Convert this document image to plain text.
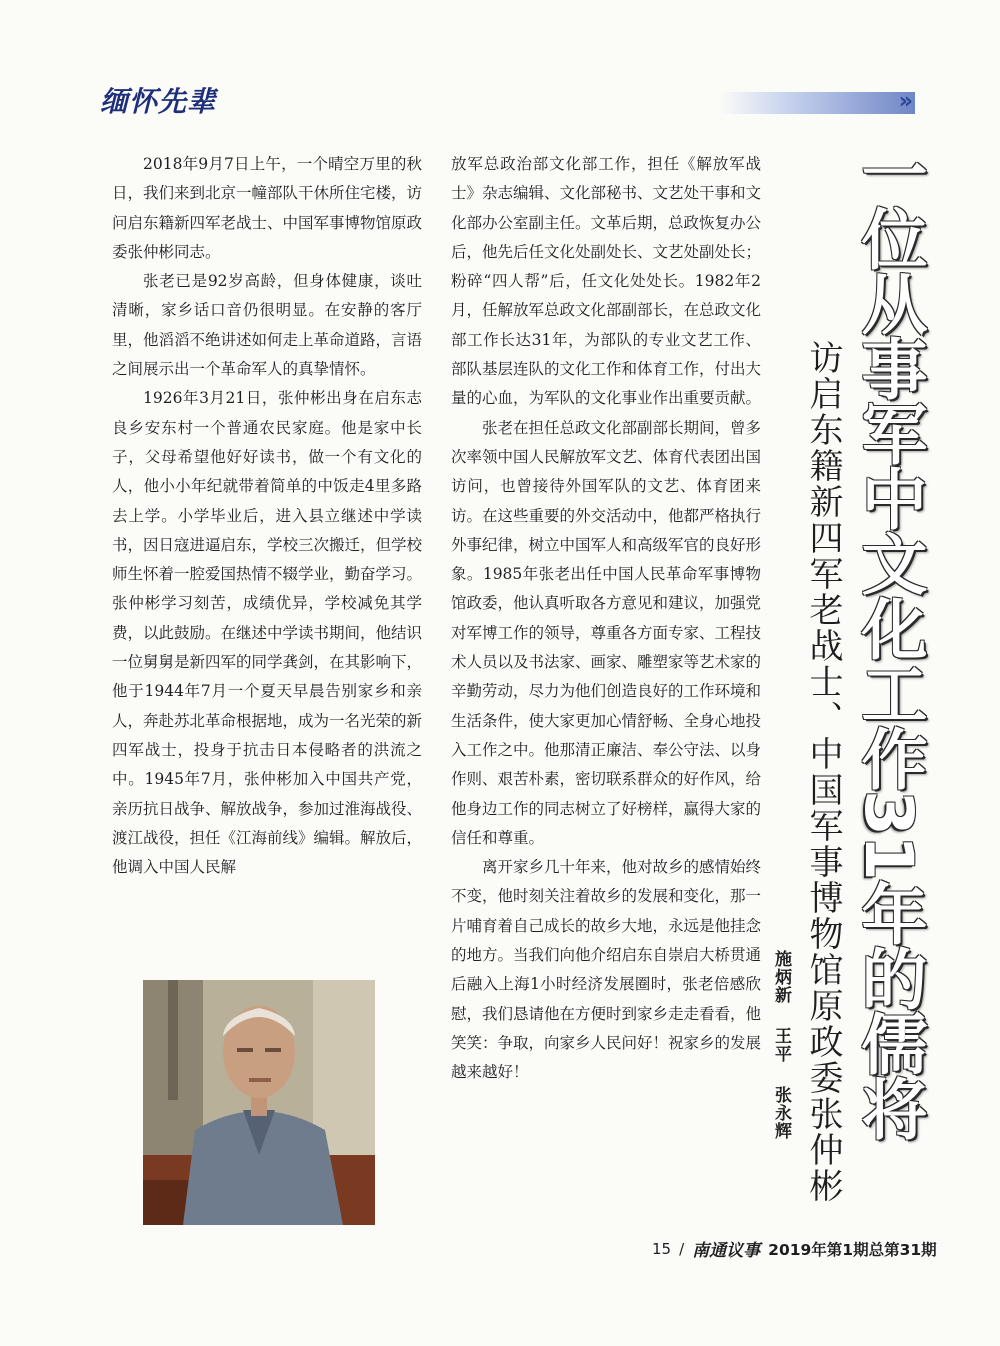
缅怀先辈	»

2018年9月7日上午，一个晴空万里的秋日，我们来到北京一幢部队干休所住宅楼，访问启东籍新四军老战士、中国军事博物馆原政委张仲彬同志。

张老已是92岁高龄，但身体健康，谈吐清晰，家乡话口音仍很明显。在安静的客厅里，他滔滔不绝讲述如何走上革命道路，言语之间展示出一个革命军人的真挚情怀。

1926年3月21日，张仲彬出身在启东志良乡安东村一个普通农民家庭。他是家中长子，父母希望他好好读书，做一个有文化的人，他小小年纪就带着简单的中饭走4里多路去上学。小学毕业后，进入县立继述中学读书，因日寇进逼启东，学校三次搬迁，但学校师生怀着一腔爱国热情不辍学业，勤奋学习。张仲彬学习刻苦，成绩优异，学校减免其学费，以此鼓励。在继述中学读书期间，他结识一位舅舅是新四军的同学龚剑，在其影响下，他于1944年7月一个夏天早晨告别家乡和亲人，奔赴苏北革命根据地，成为一名光荣的新四军战士，投身于抗击日本侵略者的洪流之中。1945年7月，张仲彬加入中国共产党，亲历抗日战争、解放战争，参加过淮海战役、渡江战役，担任《江海前线》编辑。解放后，他调入中国人民解

放军总政治部文化部工作，担任《解放军战士》杂志编辑、文化部秘书、文艺处干事和文化部办公室副主任。文革后期，总政恢复办公后，他先后任文化处副处长、文艺处副处长；粉碎“四人帮”后，任文化处处长。1982年2月，任解放军总政文化部副部长，在总政文化部工作长达31年，为部队的专业文艺工作、部队基层连队的文化工作和体育工作，付出大量的心血，为军队的文化事业作出重要贡献。

张老在担任总政文化部副部长期间，曾多次率领中国人民解放军文艺、体育代表团出国访问，也曾接待外国军队的文艺、体育团来访。在这些重要的外交活动中，他都严格执行外事纪律，树立中国军人和高级军官的良好形象。1985年张老出任中国人民革命军事博物馆政委，他认真听取各方意见和建议，加强党对军博工作的领导，尊重各方面专家、工程技术人员以及书法家、画家、雕塑家等艺术家的辛勤劳动，尽力为他们创造良好的工作环境和生活条件，使大家更加心情舒畅、全身心地投入工作之中。他那清正廉洁、奉公守法、以身作则、艰苦朴素，密切联系群众的好作风，给他身边工作的同志树立了好榜样，赢得大家的信任和尊重。

离开家乡几十年来，他对故乡的感情始终不变，他时刻关注着故乡的发展和变化，那一片哺育着自己成长的故乡大地，永远是他挂念的地方。当我们向他介绍启东自崇启大桥贯通后融入上海1小时经济发展圈时，张老倍感欣慰，我们恳请他在方便时到家乡走走看看，他笑笑：争取，向家乡人民问好！祝家乡的发展越来越好！	一位从事军中文化工作31年的儒将
访启东籍新四军老战士、中国军事博物馆原政委张仲彬
施炳新 王平 张永辉
15 / 南通议事 2019年第1期总第31期
